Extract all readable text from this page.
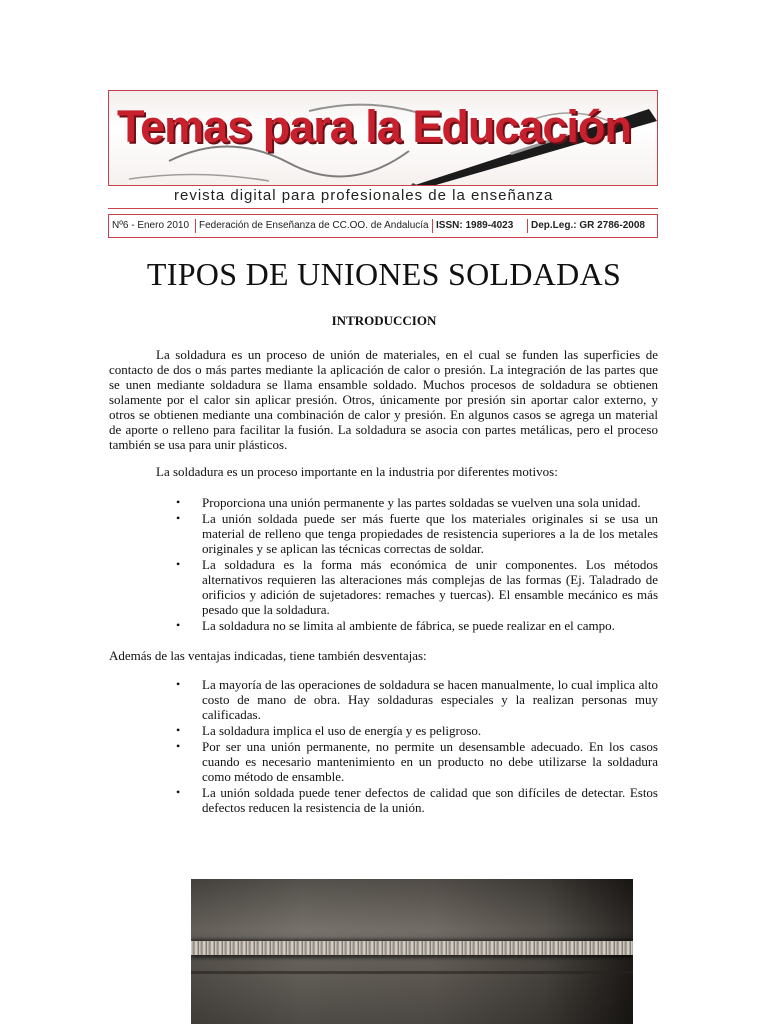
Temas para la Educación
revista digital para profesionales de la enseñanza
Nº6 - Enero 2010 Federación de Enseñanza de CC.OO. de Andalucía ISSN: 1989-4023	Dep.Leg.: GR 2786-2008
TIPOS DE UNIONES SOLDADAS
INTRODUCCION

La soldadura es un proceso de unión de materiales, en el cual se funden las superficies de contacto de dos o más partes mediante la aplicación de calor o presión. La integración de las partes que se unen mediante soldadura se llama ensamble soldado. Muchos procesos de soldadura se obtienen solamente por el calor sin aplicar presión. Otros, únicamente por presión sin aportar calor externo, y otros se obtienen mediante una combinación de calor y presión. En algunos casos se agrega un material de aporte o relleno para facilitar la fusión. La soldadura se asocia con partes metálicas, pero el proceso también se usa para unir plásticos.

La soldadura es un proceso importante en la industria por diferentes motivos:

• Proporciona una unión permanente y las partes soldadas se vuelven una sola unidad.
• La unión soldada puede ser más fuerte que los materiales originales si se usa un material de relleno que tenga propiedades de resistencia superiores a la de los metales originales y se aplican las técnicas correctas de soldar.
• La soldadura es la forma más económica de unir componentes. Los métodos alternativos requieren las alteraciones más complejas de las formas (Ej. Taladrado de orificios y adición de sujetadores: remaches y tuercas). El ensamble mecánico es más pesado que la soldadura.
• La soldadura no se limita al ambiente de fábrica, se puede realizar en el campo.

Además de las ventajas indicadas, tiene también desventajas:

• La mayoría de las operaciones de soldadura se hacen manualmente, lo cual implica alto costo de mano de obra. Hay soldaduras especiales y la realizan personas muy calificadas.
• La soldadura implica el uso de energía y es peligroso.
• Por ser una unión permanente, no permite un desensamble adecuado. En los casos cuando es necesario mantenimiento en un producto no debe utilizarse la soldadura como método de ensamble.
• La unión soldada puede tener defectos de calidad que son difíciles de detectar. Estos defectos reducen la resistencia de la unión.
